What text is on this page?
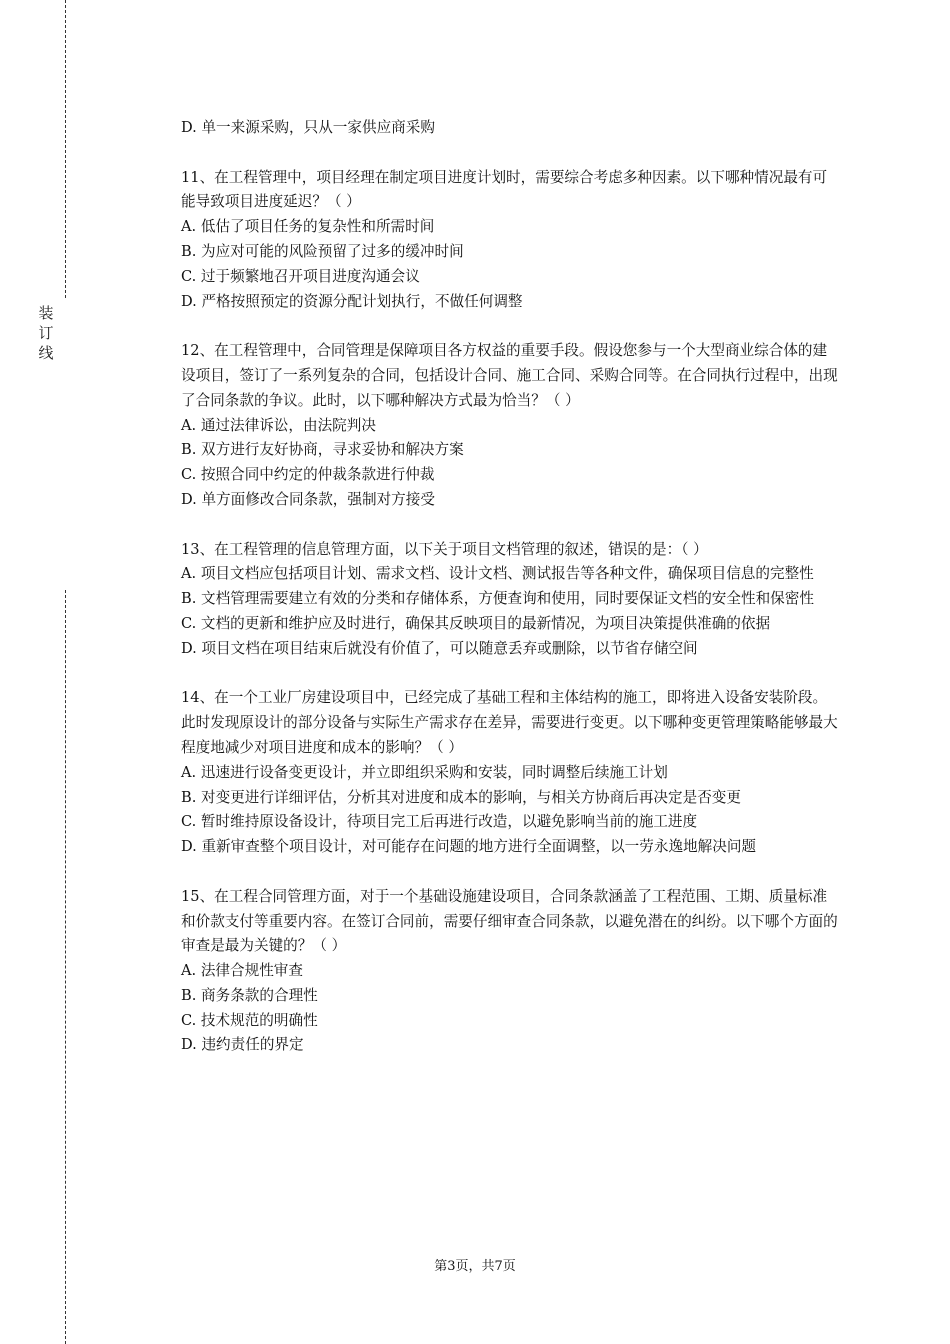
装订线

D. 单一来源采购，只从一家供应商采购

11、在工程管理中，项目经理在制定项目进度计划时，需要综合考虑多种因素。以下哪种情况最有可能导致项目进度延迟？（ ）

A. 低估了项目任务的复杂性和所需时间

B. 为应对可能的风险预留了过多的缓冲时间

C. 过于频繁地召开项目进度沟通会议

D. 严格按照预定的资源分配计划执行，不做任何调整

12、在工程管理中，合同管理是保障项目各方权益的重要手段。假设您参与一个大型商业综合体的建设项目，签订了一系列复杂的合同，包括设计合同、施工合同、采购合同等。在合同执行过程中，出现了合同条款的争议。此时，以下哪种解决方式最为恰当？（ ）

A. 通过法律诉讼，由法院判决

B. 双方进行友好协商，寻求妥协和解决方案

C. 按照合同中约定的仲裁条款进行仲裁

D. 单方面修改合同条款，强制对方接受

13、在工程管理的信息管理方面，以下关于项目文档管理的叙述，错误的是：（ ）

A. 项目文档应包括项目计划、需求文档、设计文档、测试报告等各种文件，确保项目信息的完整性

B. 文档管理需要建立有效的分类和存储体系，方便查询和使用，同时要保证文档的安全性和保密性

C. 文档的更新和维护应及时进行，确保其反映项目的最新情况，为项目决策提供准确的依据

D. 项目文档在项目结束后就没有价值了，可以随意丢弃或删除，以节省存储空间

14、在一个工业厂房建设项目中，已经完成了基础工程和主体结构的施工，即将进入设备安装阶段。此时发现原设计的部分设备与实际生产需求存在差异，需要进行变更。以下哪种变更管理策略能够最大程度地减少对项目进度和成本的影响？（ ）

A. 迅速进行设备变更设计，并立即组织采购和安装，同时调整后续施工计划

B. 对变更进行详细评估，分析其对进度和成本的影响，与相关方协商后再决定是否变更

C. 暂时维持原设备设计，待项目完工后再进行改造，以避免影响当前的施工进度

D. 重新审查整个项目设计，对可能存在问题的地方进行全面调整，以一劳永逸地解决问题

15、在工程合同管理方面，对于一个基础设施建设项目，合同条款涵盖了工程范围、工期、质量标准和价款支付等重要内容。在签订合同前，需要仔细审查合同条款，以避免潜在的纠纷。以下哪个方面的审查是最为关键的？（ ）

A. 法律合规性审查

B. 商务条款的合理性

C. 技术规范的明确性

D. 违约责任的界定

第3页，共7页
